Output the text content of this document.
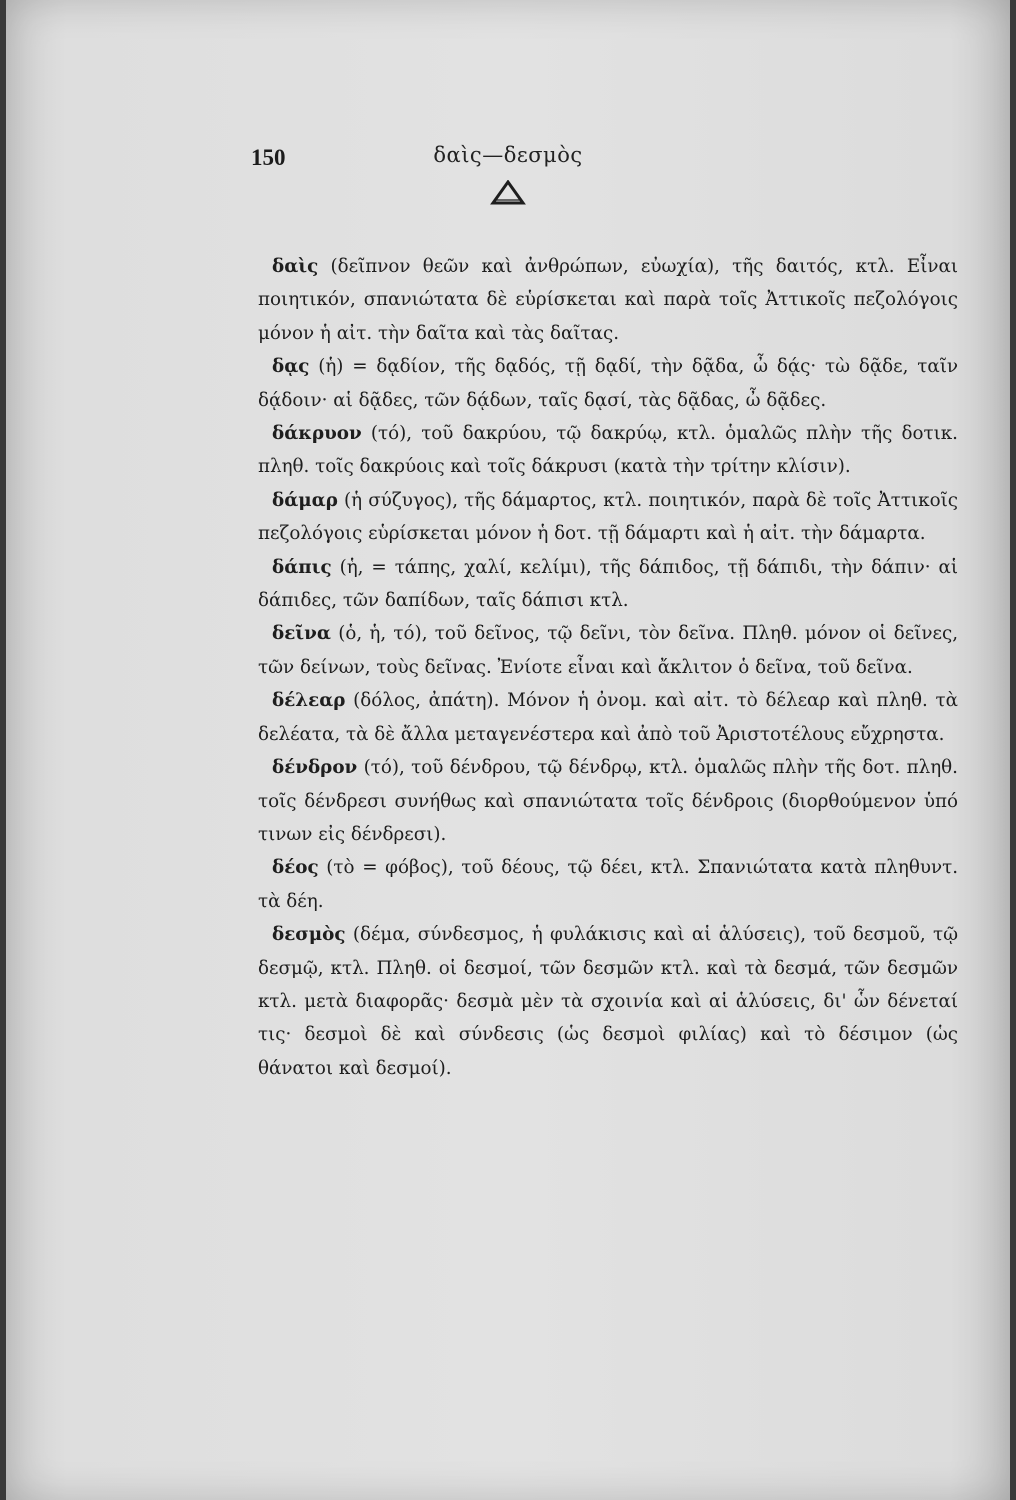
150	δαὶς—δεσμὸς

δαὶς (δεῖπνον θεῶν καὶ ἀνθρώπων, εὐωχία), τῆς δαιτός, κτλ. Εἶναι ποιητικόν, σπανιώτατα δὲ εὑρίσκεται καὶ παρὰ τοῖς Ἀττικοῖς πεζολόγοις μόνον ἡ αἰτ. τὴν δαῖτα καὶ τὰς δαῖτας.

δᾳς (ἡ) = δᾳδίον, τῆς δᾳδός, τῇ δᾳδί, τὴν δᾷδα, ὦ δᾴς· τὼ δᾷδε, ταῖν δᾴδοιν· αἱ δᾷδες, τῶν δᾴδων, ταῖς δᾳσί, τὰς δᾷδας, ὦ δᾷδες.

δάκρυον (τό), τοῦ δακρύου, τῷ δακρύῳ, κτλ. ὁμαλῶς πλὴν τῆς δοτικ. πληθ. τοῖς δακρύοις καὶ τοῖς δάκρυσι (κατὰ τὴν τρίτην κλίσιν).

δάμαρ (ἡ σύζυγος), τῆς δάμαρτος, κτλ. ποιητικόν, παρὰ δὲ τοῖς Ἀττικοῖς πεζολόγοις εὑρίσκεται μόνον ἡ δοτ. τῇ δάμαρτι καὶ ἡ αἰτ. τὴν δάμαρτα.

δάπις (ἡ, = τάπης, χαλί, κελίμι), τῆς δάπιδος, τῇ δάπιδι, τὴν δάπιν· αἱ δάπιδες, τῶν δαπίδων, ταῖς δάπισι κτλ.

δεῖνα (ὁ, ἡ, τό), τοῦ δεῖνος, τῷ δεῖνι, τὸν δεῖνα. Πληθ. μόνον οἱ δεῖνες, τῶν δείνων, τοὺς δεῖνας. Ἐνίοτε εἶναι καὶ ἄκλιτον ὁ δεῖνα, τοῦ δεῖνα.

δέλεαρ (δόλος, ἀπάτη). Μόνον ἡ ὀνομ. καὶ αἰτ. τὸ δέλεαρ καὶ πληθ. τὰ δελέατα, τὰ δὲ ἄλλα μεταγενέστερα καὶ ἀπὸ τοῦ Ἀριστοτέλους εὔχρηστα.

δένδρον (τό), τοῦ δένδρου, τῷ δένδρῳ, κτλ. ὁμαλῶς πλὴν τῆς δοτ. πληθ. τοῖς δένδρεσι συνήθως καὶ σπανιώτατα τοῖς δένδροις (διορθούμενον ὑπό τινων εἰς δένδρεσι).

δέος (τὸ = φόβος), τοῦ δέους, τῷ δέει, κτλ. Σπανιώτατα κατὰ πληθυντ. τὰ δέη.

δεσμὸς (δέμα, σύνδεσμος, ἡ φυλάκισις καὶ αἱ ἁλύσεις), τοῦ δεσμοῦ, τῷ δεσμῷ, κτλ. Πληθ. οἱ δεσμοί, τῶν δεσμῶν κτλ. καὶ τὰ δεσμά, τῶν δεσμῶν κτλ. μετὰ διαφορᾶς· δεσμὰ μὲν τὰ σχοινία καὶ αἱ ἁλύσεις, δι' ὧν δένεταί τις· δεσμοὶ δὲ καὶ σύνδεσις (ὡς δεσμοὶ φιλίας) καὶ τὸ δέσιμον (ὡς θάνατοι καὶ δεσμοί).
